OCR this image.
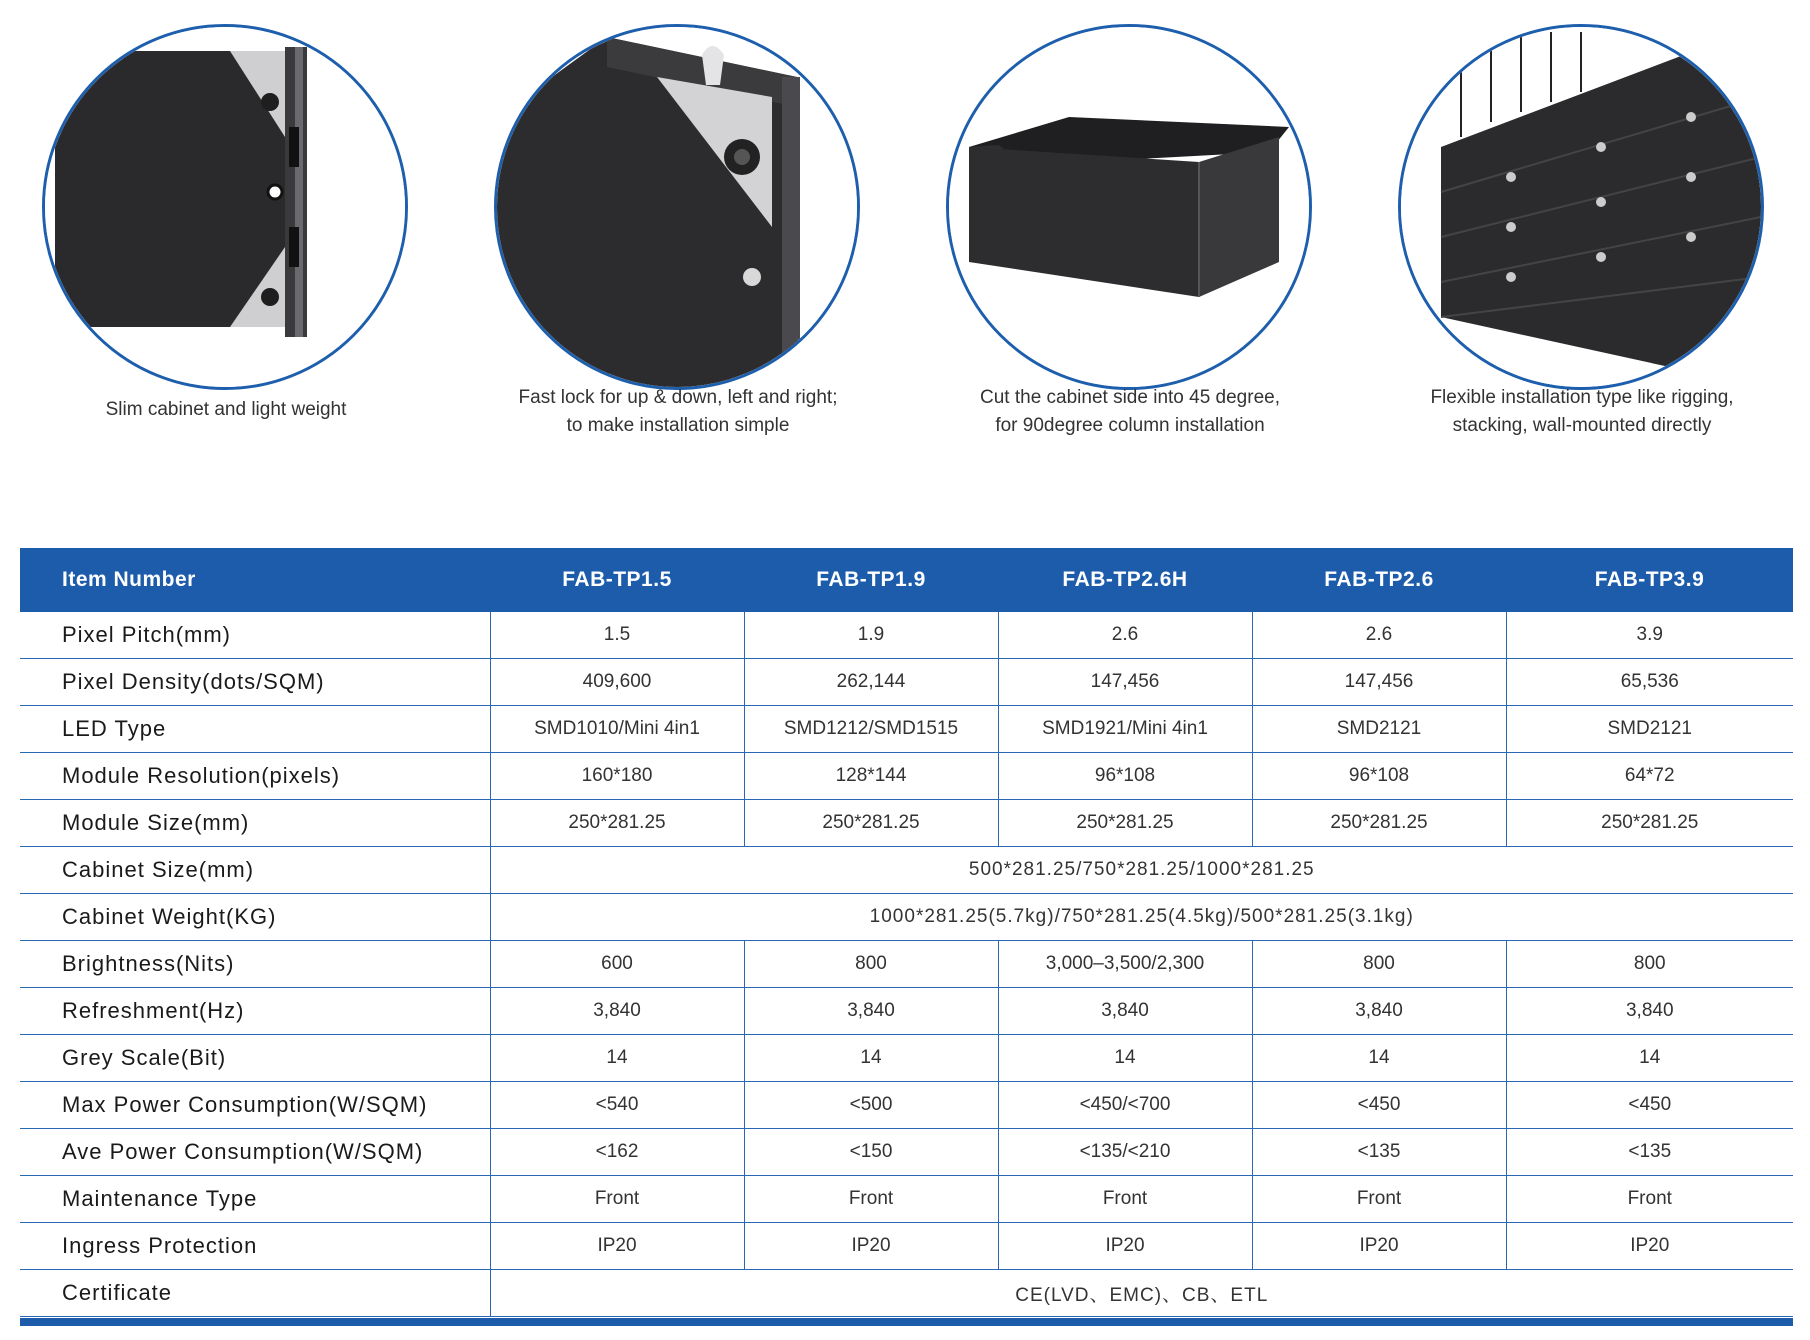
Slim cabinet and light weight
Fast lock for up & down, left and right;
to make installation simple
Cut the cabinet side into 45 degree,
for 90degree column installation
Flexible installation type like rigging,
stacking, wall-mounted directly
Item Number	FAB-TP1.5	FAB-TP1.9	FAB-TP2.6H	FAB-TP2.6	FAB-TP3.9
Pixel Pitch(mm)	1.5	1.9	2.6	2.6	3.9
Pixel Density(dots/SQM)	409,600	262,144	147,456	147,456	65,536
LED Type	SMD1010/Mini 4in1	SMD1212/SMD1515	SMD1921/Mini 4in1	SMD2121	SMD2121
Module Resolution(pixels)	160*180	128*144	96*108	96*108	64*72
Module Size(mm)	250*281.25	250*281.25	250*281.25	250*281.25	250*281.25
Cabinet Size(mm)	500*281.25/750*281.25/1000*281.25				
Cabinet Weight(KG)	1000*281.25(5.7kg)/750*281.25(4.5kg)/500*281.25(3.1kg)				
Brightness(Nits)	600	800	3,000–3,500/2,300	800	800
Refreshment(Hz)	3,840	3,840	3,840	3,840	3,840
Grey Scale(Bit)	14	14	14	14	14
Max Power Consumption(W/SQM)	<540	<500	<450/<700	<450	<450
Ave Power Consumption(W/SQM)	<162	<150	<135/<210	<135	<135
Maintenance Type	Front	Front	Front	Front	Front
Ingress Protection	IP20	IP20	IP20	IP20	IP20
Certificate	CE(LVD、EMC)、CB、ETL				
